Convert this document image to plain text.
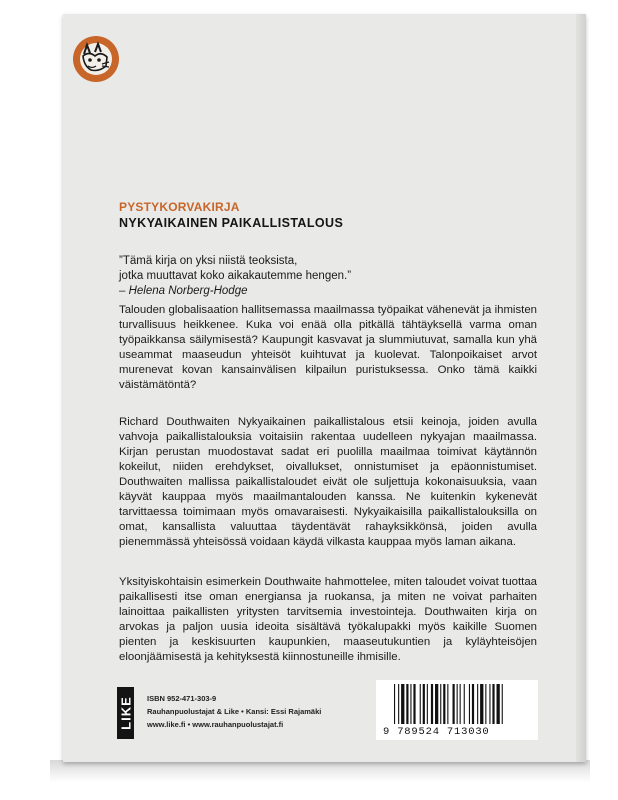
PYSTYKORVAKIRJA
NYKYAIKAINEN PAIKALLISTALOUS
”Tämä kirja on yksi niistä teoksista,
jotka muuttavat koko aikakautemme hengen.”
– Helena Norberg-Hodge
Talouden globalisaation hallitsemassa maailmassa työpaikat vähenevät ja ihmisten turvallisuus heikkenee. Kuka voi enää olla pitkällä tähtäyksellä varma oman työpaikkansa säilymisestä? Kaupungit kasvavat ja slummiutuvat, samalla kun yhä useammat maaseudun yhteisöt kuihtuvat ja kuolevat. Talonpoikaiset arvot murenevat kovan kansainvälisen kilpailun puristuksessa. Onko tämä kaikki väistämätöntä?
Richard Douthwaiten Nykyaikainen paikallistalous etsii keinoja, joiden avulla vahvoja paikallistalouksia voitaisiin rakentaa uudelleen nykyajan maailmassa. Kirjan perustan muodostavat sadat eri puolilla maailmaa toimivat käytännön kokeilut, niiden erehdykset, oivallukset, onnistumiset ja epäonnistumiset. Douthwaiten mallissa paikallistaloudet eivät ole suljettuja kokonaisuuksia, vaan käyvät kauppaa myös maailmantalouden kanssa. Ne kuitenkin kykenevät tarvittaessa toimimaan myös omavaraisesti. Nykyaikaisilla paikallistalouksilla on omat, kansallista valuuttaa täydentävät rahayksikkönsä, joiden avulla pienemmässä yhteisössä voidaan käydä vilkasta kauppaa myös laman aikana.
Yksityiskohtaisin esimerkein Douthwaite hahmottelee, miten taloudet voivat tuottaa paikallisesti itse oman energiansa ja ruokansa, ja miten ne voivat parhaiten lainoittaa paikallisten yritysten tarvitsemia investointeja. Douthwaiten kirja on arvokas ja paljon uusia ideoita sisältävä työkalupakki myös kaikille Suomen pienten ja keskisuurten kaupunkien, maaseutukuntien ja kyläyhteisöjen eloonjäämisestä ja kehityksestä kiinnostuneille ihmisille.
LIKE ISBN 952-471-303-9
Rauhanpuolustajat & Like • Kansi: Essi Rajamäki
www.like.fi • www.rauhanpuolustajat.fi
9 789524 713030
